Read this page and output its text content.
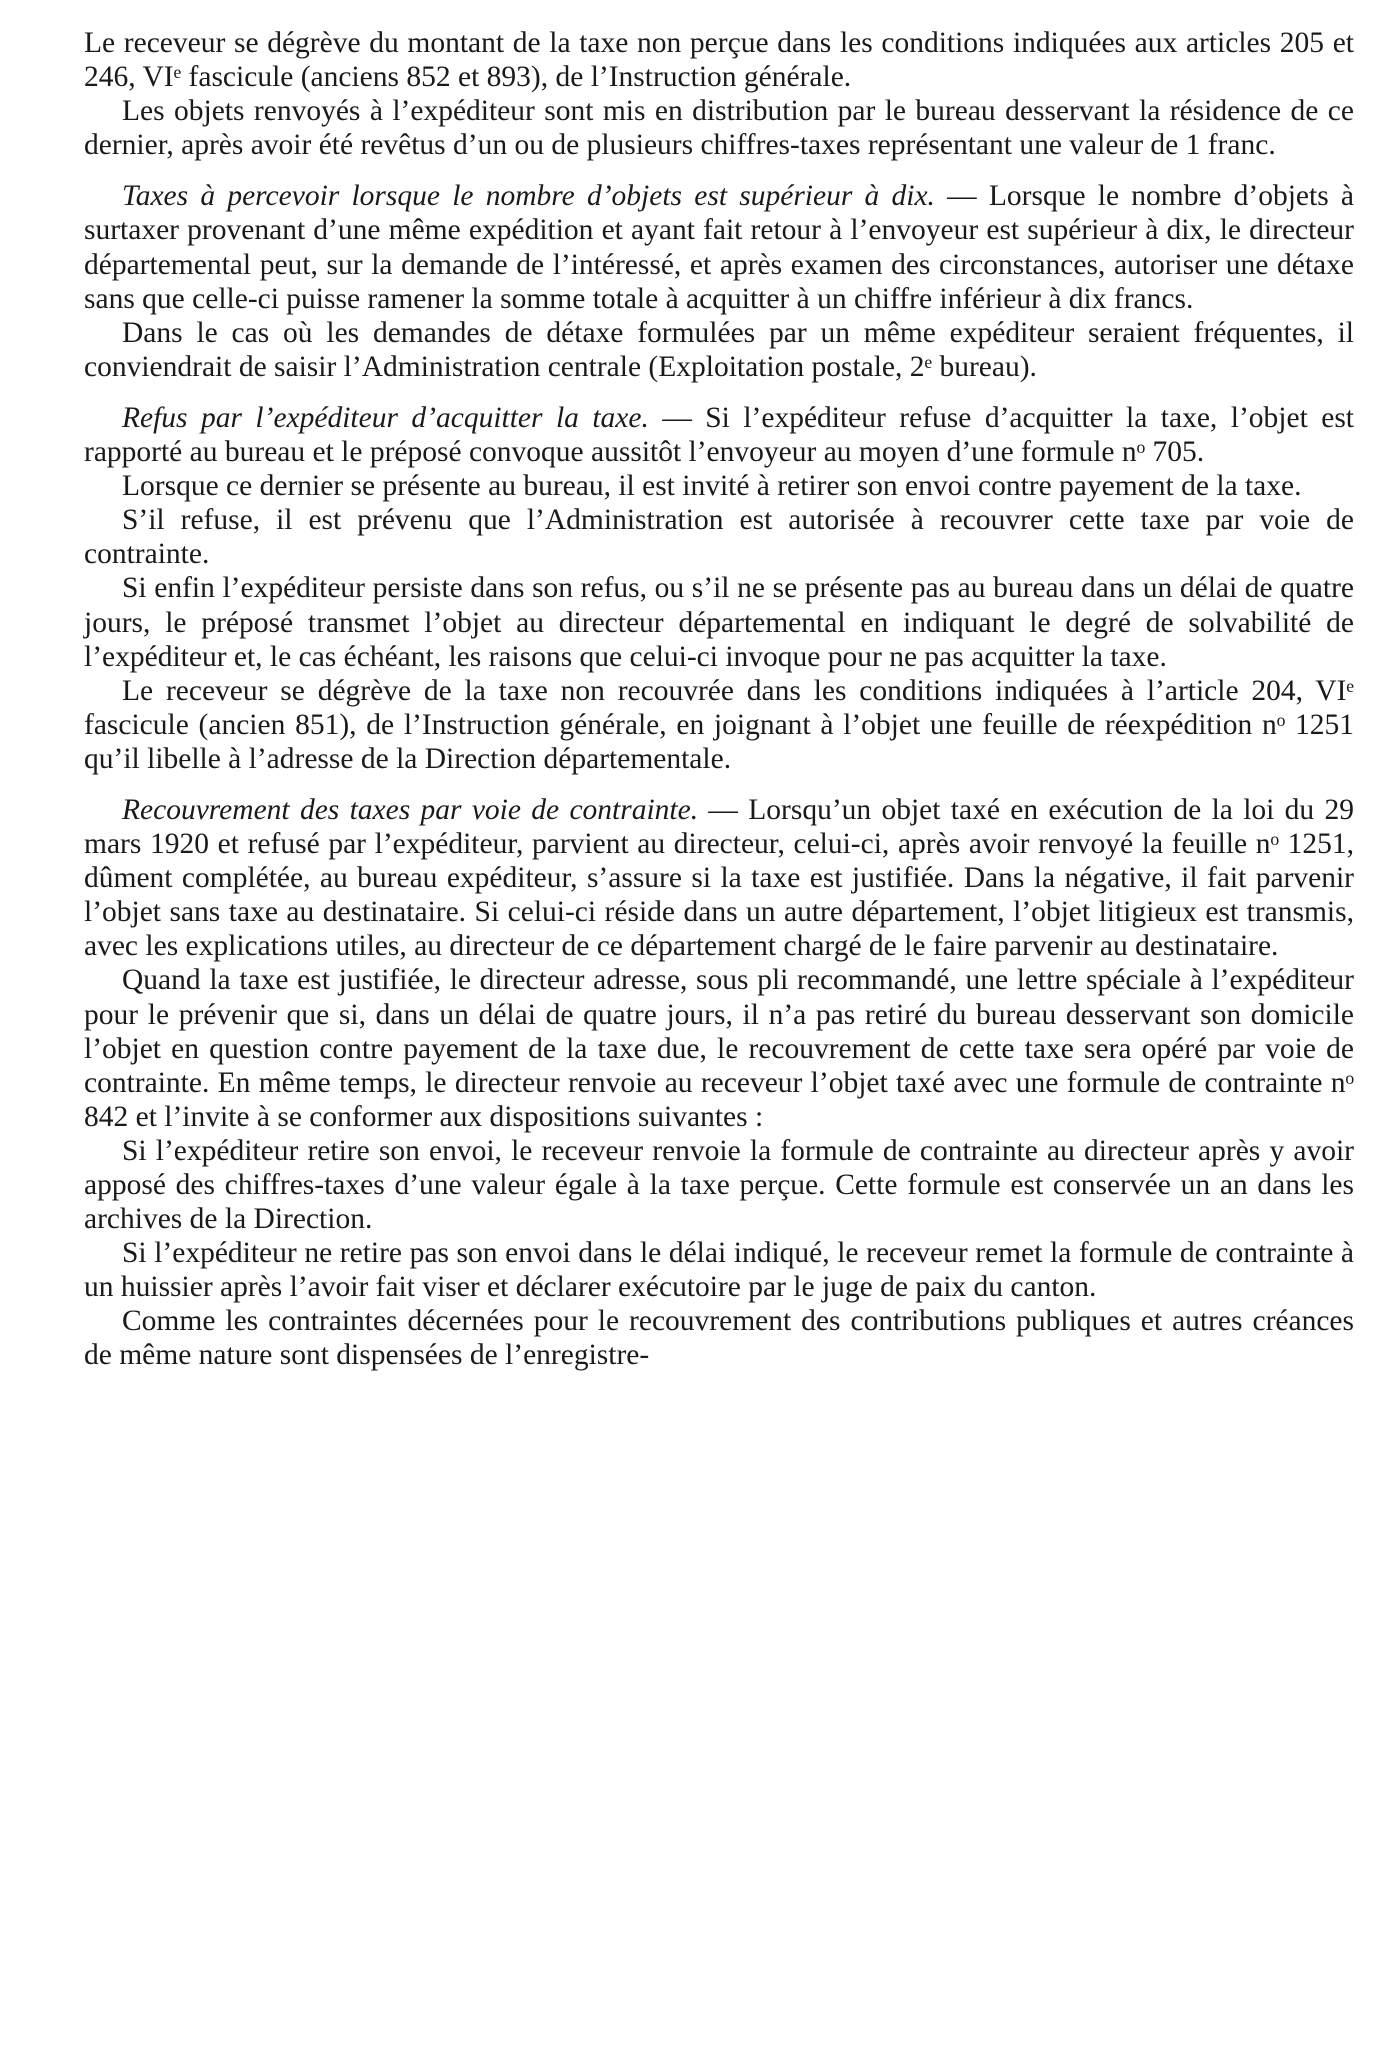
Le receveur se dégrève du montant de la taxe non perçue dans les conditions indiquées aux articles 205 et 246, VIᵉ fascicule (anciens 852 et 893), de l’Instruction générale.

Les objets renvoyés à l’expéditeur sont mis en distribution par le bureau desservant la résidence de ce dernier, après avoir été revêtus d’un ou de plusieurs chiffres-taxes représentant une valeur de 1 franc.

Taxes à percevoir lorsque le nombre d’objets est supérieur à dix. — Lorsque le nombre d’objets à surtaxer provenant d’une même expédition et ayant fait retour à l’envoyeur est supérieur à dix, le directeur départemental peut, sur la demande de l’intéressé, et après examen des circonstances, autoriser une détaxe sans que celle-ci puisse ramener la somme totale à acquitter à un chiffre inférieur à dix francs.

Dans le cas où les demandes de détaxe formulées par un même expéditeur seraient fréquentes, il conviendrait de saisir l’Administration centrale (Exploitation postale, 2ᵉ bureau).

Refus par l’expéditeur d’acquitter la taxe. — Si l’expéditeur refuse d’acquitter la taxe, l’objet est rapporté au bureau et le préposé convoque aussitôt l’envoyeur au moyen d’une formule nᵒ 705.

Lorsque ce dernier se présente au bureau, il est invité à retirer son envoi contre payement de la taxe.

S’il refuse, il est prévenu que l’Administration est autorisée à recouvrer cette taxe par voie de contrainte.

Si enfin l’expéditeur persiste dans son refus, ou s’il ne se présente pas au bureau dans un délai de quatre jours, le préposé transmet l’objet au directeur départemental en indiquant le degré de solvabilité de l’expéditeur et, le cas échéant, les raisons que celui-ci invoque pour ne pas acquitter la taxe.

Le receveur se dégrève de la taxe non recouvrée dans les conditions indiquées à l’article 204, VIᵉ fascicule (ancien 851), de l’Instruction générale, en joignant à l’objet une feuille de réexpédition nᵒ 1251 qu’il libelle à l’adresse de la Direction départementale.

Recouvrement des taxes par voie de contrainte. — Lorsqu’un objet taxé en exécution de la loi du 29 mars 1920 et refusé par l’expéditeur, parvient au directeur, celui-ci, après avoir renvoyé la feuille nᵒ 1251, dûment complétée, au bureau expéditeur, s’assure si la taxe est justifiée. Dans la négative, il fait parvenir l’objet sans taxe au destinataire. Si celui-ci réside dans un autre département, l’objet litigieux est transmis, avec les explications utiles, au directeur de ce département chargé de le faire parvenir au destinataire.

Quand la taxe est justifiée, le directeur adresse, sous pli recommandé, une lettre spéciale à l’expéditeur pour le prévenir que si, dans un délai de quatre jours, il n’a pas retiré du bureau desservant son domicile l’objet en question contre payement de la taxe due, le recouvrement de cette taxe sera opéré par voie de contrainte. En même temps, le directeur renvoie au receveur l’objet taxé avec une formule de contrainte nᵒ 842 et l’invite à se conformer aux dispositions suivantes :

Si l’expéditeur retire son envoi, le receveur renvoie la formule de contrainte au directeur après y avoir apposé des chiffres-taxes d’une valeur égale à la taxe perçue. Cette formule est conservée un an dans les archives de la Direction.

Si l’expéditeur ne retire pas son envoi dans le délai indiqué, le receveur remet la formule de contrainte à un huissier après l’avoir fait viser et déclarer exécutoire par le juge de paix du canton.

Comme les contraintes décernées pour le recouvrement des contributions publiques et autres créances de même nature sont dispensées de l’enregistre-
